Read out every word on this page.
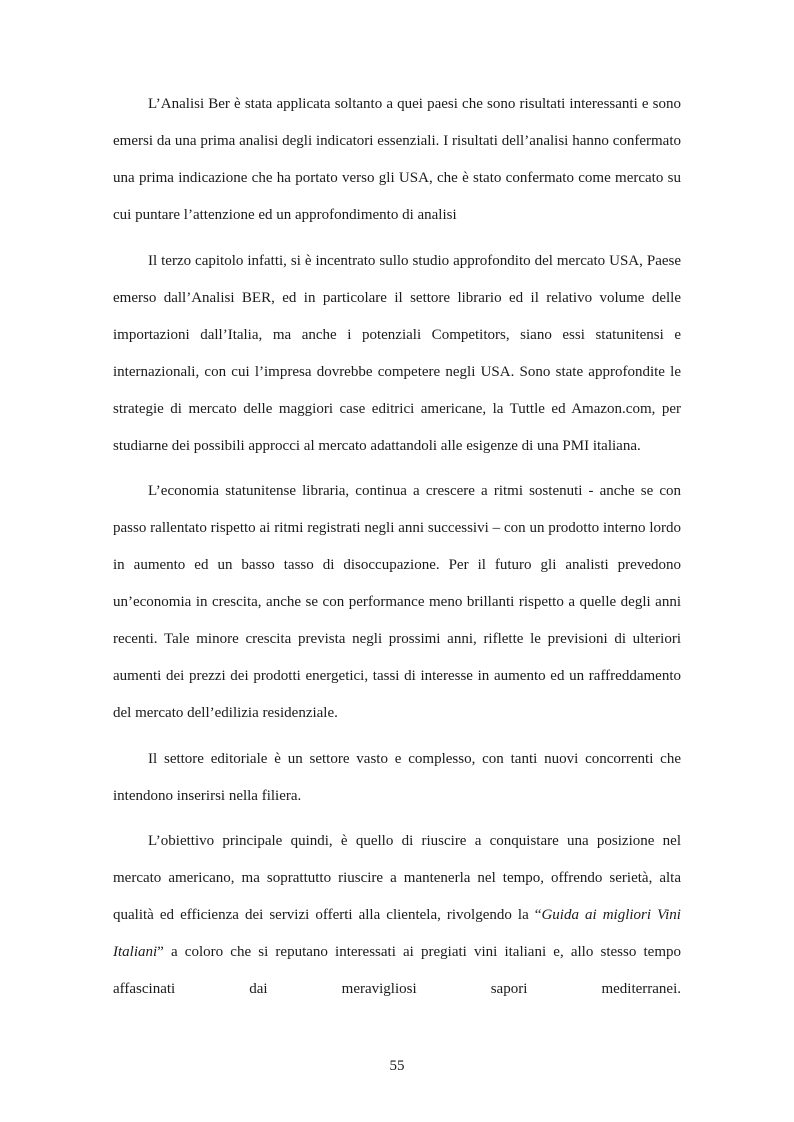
L’Analisi Ber è stata applicata soltanto a quei paesi che sono risultati interessanti e sono emersi da una prima analisi degli indicatori essenziali. I risultati dell’analisi hanno confermato una prima indicazione che ha portato verso gli USA, che è stato confermato come mercato su cui puntare l’attenzione ed un approfondimento di analisi

Il terzo capitolo infatti, si è incentrato sullo studio approfondito del mercato USA, Paese emerso dall’Analisi BER, ed in particolare il settore librario ed il relativo volume delle importazioni dall’Italia, ma anche i potenziali Competitors, siano essi statunitensi e internazionali, con cui l’impresa dovrebbe competere negli USA. Sono state approfondite le strategie di mercato delle maggiori case editrici americane, la Tuttle ed Amazon.com, per studiarne dei possibili approcci al mercato adattandoli alle esigenze di una PMI italiana.

L’economia statunitense libraria, continua a crescere a ritmi sostenuti - anche se con passo rallentato rispetto ai ritmi registrati negli anni successivi – con un prodotto interno lordo in aumento ed un basso tasso di disoccupazione. Per il futuro gli analisti prevedono un’economia in crescita, anche se con performance meno brillanti rispetto a quelle degli anni recenti. Tale minore crescita prevista negli prossimi anni, riflette le previsioni di ulteriori aumenti dei prezzi dei prodotti energetici, tassi di interesse in aumento ed un raffreddamento del mercato dell’edilizia residenziale.

Il settore editoriale è un settore vasto e complesso, con tanti nuovi concorrenti che intendono inserirsi nella filiera.

L’obiettivo principale quindi, è quello di riuscire a conquistare una posizione nel mercato americano, ma soprattutto riuscire a mantenerla nel tempo, offrendo serietà, alta qualità ed efficienza dei servizi offerti alla clientela, rivolgendo la “Guida ai migliori Vini Italiani” a coloro che si reputano interessati ai pregiati vini italiani e, allo stesso tempo affascinati dai meravigliosi sapori mediterranei.

55
